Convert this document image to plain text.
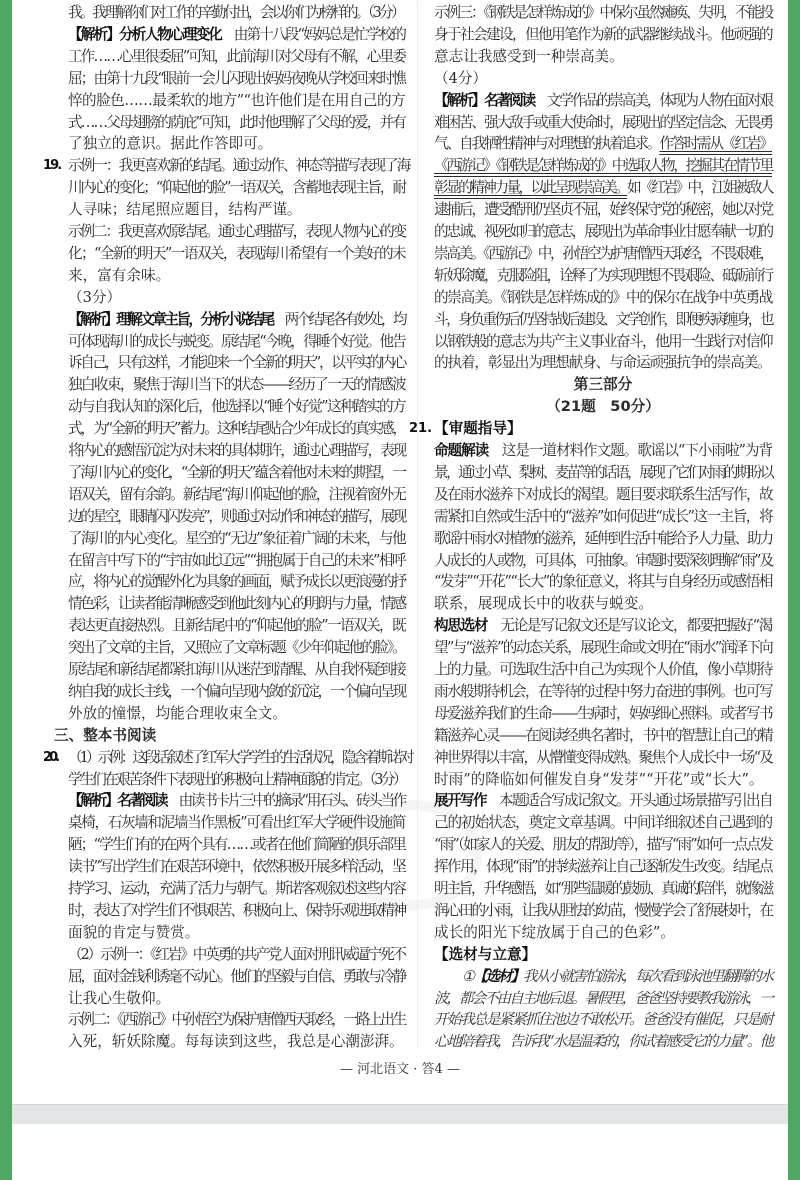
我。我理解你们对工作的辛勤付出，会以你们为榜样的。（3分）
【解析】分析人物心理变化　由第十八段“妈妈总是忙学校的
工作……心里很委屈”可知，此前海川对父母有不解，心里委
屈；由第十九段“眼前一会儿闪现出妈妈夜晚从学校回来时憔
悴的脸色……最柔软的地方”“也许他们是在用自己的方
式……父母翅膀的荫庇”可知，此时他理解了父母的爱，并有
了独立的意识。据此作答即可。
19. 示例一：我更喜欢新的结尾。通过动作、神态等描写表现了海
川内心的变化；“仰起他的脸”一语双关，含蓄地表现主旨，耐
人寻味；结尾照应题目，结构严谨。
示例二：我更喜欢原结尾。通过心理描写，表现人物内心的变
化；“全新的明天”一语双关，表现海川希望有一个美好的未
来，富有余味。
（3分）
【解析】理解文章主旨，分析小说结尾　两个结尾各有妙处，均
可体现海川的成长与蜕变。原结尾“今晚，得睡个好觉。他告
诉自己，只有这样，才能迎来一个全新的明天”，以平实的内心
独白收束，聚焦于海川当下的状态——经历了一天的情感波
动与自我认知的深化后，他选择以“睡个好觉”这种踏实的方
式，为“全新的明天”蓄力。这种结尾贴合少年成长的真实感，
将内心的感悟沉淀为对未来的具体期许，通过心理描写，表现
了海川内心的变化，“全新的明天”蕴含着他对未来的期望，一
语双关，留有余韵。新结尾“海川仰起他的脸，注视着窗外无
边的星空，眼睛闪闪发亮”，则通过对动作和神态的描写，展现
了海川的内心变化。星空的“无边”象征着广阔的未来，与他
在留言中写下的“宇宙如此辽远”“拥抱属于自己的未来”相呼
应，将内心的觉醒外化为具象的画面，赋予成长以更浪漫的抒
情色彩，让读者能清晰感受到他此刻内心的明朗与力量，情感
表达更直接热烈。且新结尾中的“仰起他的脸”一语双关，既
突出了文章的主旨，又照应了文章标题《少年仰起他的脸》。
原结尾和新结尾都紧扣海川从迷茫到清醒、从自我怀疑到接
纳自我的成长主线，一个偏向呈现内敛的沉淀，一个偏向呈现
外放的憧憬，均能合理收束全文。
三、整本书阅读
20. （1）示例：这段话叙述了红军大学学生的生活状况，隐含着斯诺对
学生们在艰苦条件下表现出的积极向上精神面貌的肯定。（3分）
【解析】名著阅读　由读书卡片三中的摘录“用石头、砖头当作
桌椅，石灰墙和泥墙当作黑板”可看出红军大学硬件设施简
陋；“学生们有的在两个具有……或者在他们简陋的俱乐部里
读书”写出学生们在艰苦环境中，依然积极开展多样活动，坚
持学习、运动，充满了活力与朝气。斯诺客观叙述这些内容
时，表达了对学生们不惧艰苦、积极向上、保持乐观进取精神
面貌的肯定与赞赏。
（2）示例一：《红岩》中英勇的共产党人面对刑讯威逼宁死不
屈，面对金钱利诱毫不动心。他们的坚毅与自信、勇敢与冷静
让我心生敬仰。
示例二：《西游记》中孙悟空为保护唐僧西天取经，一路上出生
入死，斩妖除魔。每每读到这些，我总是心潮澎湃。
示例三：《钢铁是怎样炼成的》中保尔虽然瘫痪、失明，不能投
身于社会建设，但他用笔作为新的武器继续战斗。他顽强的
意志让我感受到一种崇高美。
（4分）
【解析】名著阅读　文学作品的崇高美，体现为人物在面对艰
难困苦、强大敌手或重大使命时，展现出的坚定信念、无畏勇
气、自我牺牲精神与对理想的执着追求。作答时需从《红岩》
《西游记》《钢铁是怎样炼成的》中选取人物，挖掘其在情节里
彰显的精神力量，以此呈现崇高美。如《红岩》中，江姐被敌人
逮捕后，遭受酷刑仍坚贞不屈，始终保守党的秘密，她以对党
的忠诚、视死如归的意志，展现出为革命事业甘愿奉献一切的
崇高美。《西游记》中，孙悟空为护唐僧西天取经，不畏艰难，
斩妖除魔，克服险阻，诠释了为实现理想不畏艰险、砥砺前行
的崇高美。《钢铁是怎样炼成的》中的保尔在战争中英勇战
斗，身负重伤后仍坚持战后建设、文学创作，即便疾病缠身，也
以钢铁般的意志为共产主义事业奋斗，他用一生践行对信仰
的执着，彰显出为理想献身、与命运顽强抗争的崇高美。
第三部分
（21题　50分）
21. 【审题指导】
命题解读　这是一道材料作文题。歌谣以“下小雨啦”为背
景，通过小草、梨树、麦苗等的话语，展现了它们对雨的期盼以
及在雨水滋养下对成长的渴望。题目要求联系生活写作，故
需紧扣自然或生活中的“滋养”如何促进“成长”这一主旨，将
歌谣中雨水对植物的滋养，延伸到生活中能给予人力量、助力
人成长的人或物，可具体，可抽象。审题时要深刻理解“雨”及
“发芽”“开花”“长大”的象征意义，将其与自身经历或感悟相
联系，展现成长中的收获与蜕变。
构思选材　无论是写记叙文还是写议论文，都要把握好“渴
望”与“滋养”的动态关系，展现生命或文明在“雨水”润泽下向
上的力量。可选取生活中自己为实现个人价值，像小草期待
雨水般期待机会，在等待的过程中努力奋进的事例。也可写
母爱滋养我们的生命——生病时，妈妈细心照料。或者写书
籍滋养心灵——在阅读经典名著时，书中的智慧让自己的精
神世界得以丰富，从懵懂变得成熟。聚焦个人成长中一场“及
时雨”的降临如何催发自身“发芽”“开花”或“长大”。
展开写作　本题适合写成记叙文。开头通过场景描写引出自
己的初始状态，奠定文章基调。中间详细叙述自己遇到的
“雨”（如家人的关爱、朋友的帮助等），描写“雨”如何一点点发
挥作用，体现“雨”的持续滋养让自己逐渐发生改变。结尾点
明主旨，升华感悟，如“那些温暖的鼓励、真诚的陪伴，就像滋
润心田的小雨，让我从胆怯的幼苗，慢慢学会了舒展枝叶，在
成长的阳光下绽放属于自己的色彩”。
【选材与立意】
①【选材】我从小就害怕游泳，每次看到泳池里翻腾的水
波，都会不由自主地后退。暑假里，爸爸坚持要教我游泳，一
开始我总是紧紧抓住池边不敢松开。爸爸没有催促，只是耐
心地陪着我，告诉我“水是温柔的，你试着感受它的力量”。他
— 河北语文 · 答4 —
